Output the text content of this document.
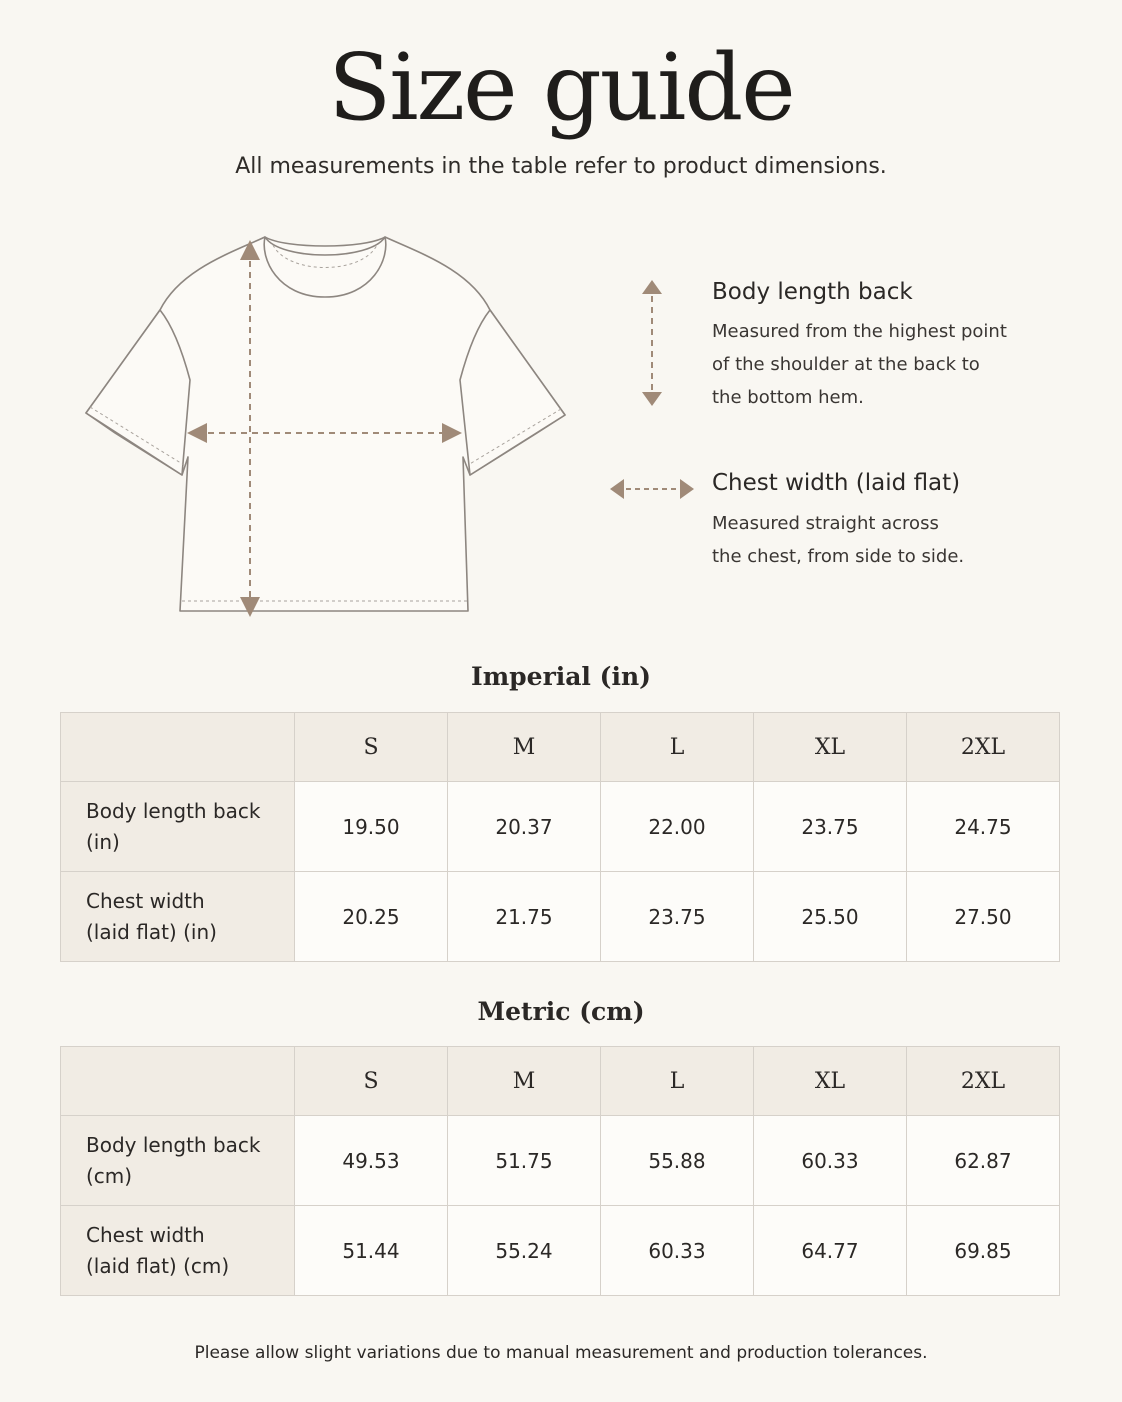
Size guide

All measurements in the table refer to product dimensions.

Body length back

Measured from the highest point

of the shoulder at the back to

the bottom hem.

Chest width (laid flat)

Measured straight across

the chest, from side to side.

Imperial (in)
	S	M	L	XL	2XL
Body length back
(in)	19.50	20.37	22.00	23.75	24.75
Chest width
(laid flat) (in)	20.25	21.75	23.75	25.50	27.50
Metric (cm)
	S	M	L	XL	2XL
Body length back
(cm)	49.53	51.75	55.88	60.33	62.87
Chest width
(laid flat) (cm)	51.44	55.24	60.33	64.77	69.85

Please allow slight variations due to manual measurement and production tolerances.
